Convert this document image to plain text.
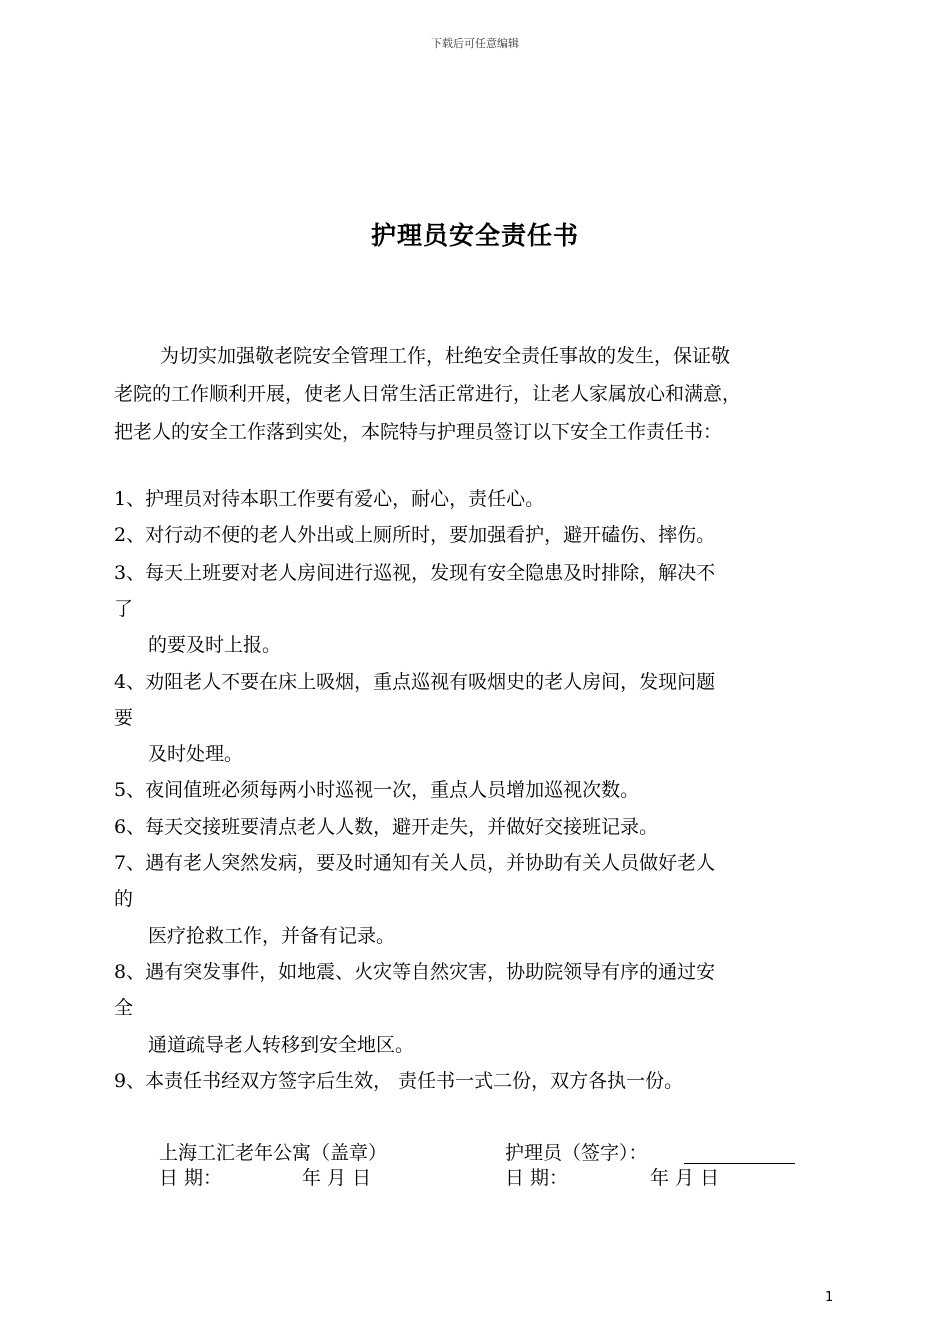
下载后可任意编辑
护理员安全责任书
为切实加强敬老院安全管理工作，杜绝安全责任事故的发生，保证敬
老院的工作顺利开展，使老人日常生活正常进行，让老人家属放心和满意，
把老人的安全工作落到实处，本院特与护理员签订以下安全工作责任书：
1、护理员对待本职工作要有爱心，耐心，责任心。
2、对行动不便的老人外出或上厕所时，要加强看护，避开磕伤、摔伤。
3、每天上班要对老人房间进行巡视，发现有安全隐患及时排除，解决不
了
的要及时上报。
4、劝阻老人不要在床上吸烟，重点巡视有吸烟史的老人房间，发现问题
要
及时处理。
5、夜间值班必须每两小时巡视一次，重点人员增加巡视次数。
6、每天交接班要清点老人人数，避开走失，并做好交接班记录。
7、遇有老人突然发病，要及时通知有关人员，并协助有关人员做好老人
的
医疗抢救工作，并备有记录。
8、遇有突发事件，如地震、火灾等自然灾害，协助院领导有序的通过安
全
通道疏导老人转移到安全地区。
9、本责任书经双方签字后生效， 责任书一式二份，双方各执一份。
上海工汇老年公寓（盖章）
日 期：	年 月 日
护理员（签字）：
日 期：	年 月 日
1
